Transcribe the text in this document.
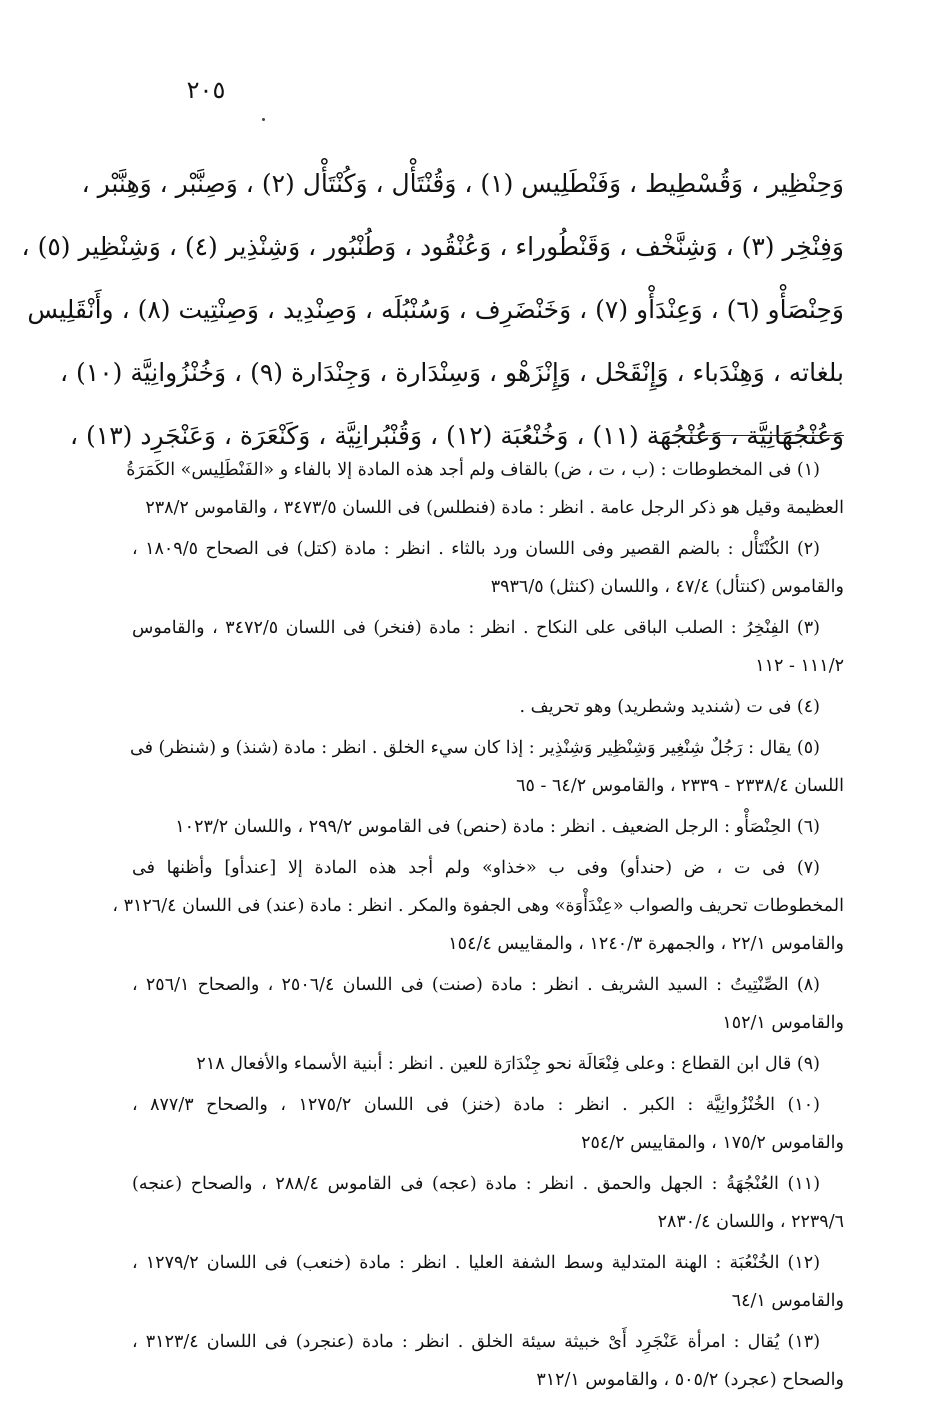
٢٠٥
وَحِنْظِير ، وَقُسْطِيط ، وَفَنْطَلِيس (١) ، وَقُنْتَأْل ، وَكُنْتَأْل (٢) ، وَصِنَّبْر ، وَهِنَّبْر ،
وَفِنْخِر (٣) ، وَشِنَّخْف ، وَقَنْطُوراء ، وَعُنْقُود ، وَطُنْبُور ، وَشِنْذِير (٤) ، وَشِنْظِير (٥) ،
وَحِنْصَأْو (٦) ، وَعِنْدَأْو (٧) ، وَخَنْضَرِف ، وَسُنْبُلَه ، وَصِنْدِيد ، وَصِنْتِيت (٨) ، وأَنْقَلِيس
بلغاته ، وَهِنْدَباء ، وَإِنْقَحْل ، وَإِنْزَهْو ، وَسِنْدَارة ، وَجِنْدَارة (٩) ، وَخُنْزُوانِيَّة (١٠) ،
وَعُنْجُهَانِيَّة ، وَعُنْجُهَة (١١) ، وَخُنْعُبَة (١٢) ، وَقُنْبُرانِيَّة ، وَكَنْعَرَة ، وَعَنْجَرِد (١٣) ،
(١) فى المخطوطات : (ب ، ت ، ض) بالقاف ولم أجد هذه المادة إلا بالفاء و «الفَنْطَلِيس» الكَمَرَةُ
العظيمة وقيل هو ذكر الرجل عامة . انظر : مادة (فنطلس) فى اللسان ٣٤٧٣/٥ ، والقاموس ٢٣٨/٢
(٢) الكُنْتَأْل : بالضم القصير وفى اللسان ورد بالثاء . انظر : مادة (كتل) فى الصحاح ١٨٠٩/٥ ،
والقاموس (كنتأل) ٤٧/٤ ، واللسان (كنثل) ٣٩٣٦/٥
(٣) الفِنْخِرُ : الصلب الباقى على النكاح . انظر : مادة (فنخر) فى اللسان ٣٤٧٢/٥ ، والقاموس
١١١/٢ - ١١٢
(٤) فى ت (شنديد وشطريد) وهو تحريف .
(٥) يقال : رَجُلٌ شِنْغِير وَشِنْظِير وَشِنْذِير : إذا كان سيء الخلق . انظر : مادة (شنذ) و (شنظر) فى
اللسان ٢٣٣٨/٤ - ٢٣٣٩ ، والقاموس ٦٤/٢ - ٦٥
(٦) الحِنْصَأْو : الرجل الضعيف . انظر : مادة (حنص) فى القاموس ٢٩٩/٢ ، واللسان ١٠٢٣/٢
(٧) فى ت ، ض (حندأو) وفى ب «خذاو» ولم أجد هذه المادة إلا [عندأو] وأظنها فى
المخطوطات تحريف والصواب «عِنْدَأْوَة» وهى الجفوة والمكر . انظر : مادة (عند) فى اللسان ٣١٢٦/٤ ،
والقاموس ٢٢/١ ، والجمهرة ١٢٤٠/٣ ، والمقاييس ١٥٤/٤
(٨) الصِّنْتِيتُ : السيد الشريف . انظر : مادة (صنت) فى اللسان ٢٥٠٦/٤ ، والصحاح ٢٥٦/١ ،
والقاموس ١٥٢/١
(٩) قال ابن القطاع : وعلى فِنْعَالَة نحو جِنْدَارَة للعين . انظر : أبنية الأسماء والأفعال ٢١٨
(١٠) الخُنْزُوانِيَّة : الكبر . انظر : مادة (خنز) فى اللسان ١٢٧٥/٢ ، والصحاح ٨٧٧/٣ ،
والقاموس ١٧٥/٢ ، والمقاييس ٢٥٤/٢
(١١) العُنْجُهَةُ : الجهل والحمق . انظر : مادة (عجه) فى القاموس ٢٨٨/٤ ، والصحاح (عنجه)
٢٢٣٩/٦ ، واللسان ٢٨٣٠/٤
(١٢) الخُنْعُبَة : الهنة المتدلية وسط الشفة العليا . انظر : مادة (خنعب) فى اللسان ١٢٧٩/٢ ،
والقاموس ٦٤/١
(١٣) يُقال : امرأة عَنْجَرِد أَىْ خبيثة سيئة الخلق . انظر : مادة (عنجرد) فى اللسان ٣١٢٣/٤ ،
والصحاح (عجرد) ٥٠٥/٢ ، والقاموس ٣١٢/١
